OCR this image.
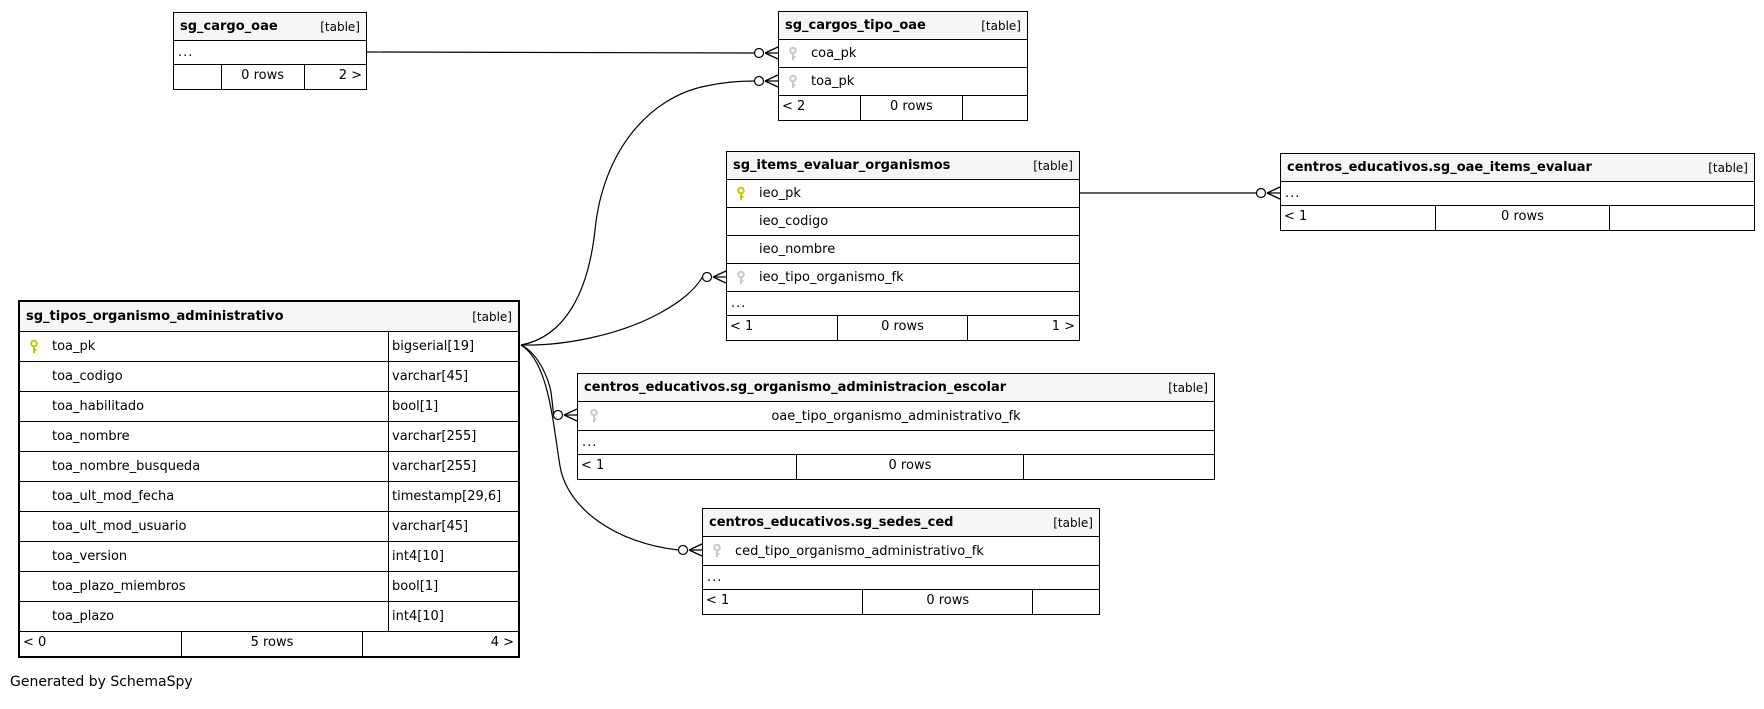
sg_cargo_oae	[table]
...
0 rows	2 >
sg_cargos_tipo_oae	[table]
coa_pk
toa_pk
< 2	0 rows
sg_items_evaluar_organismos	[table]
ieo_pk
ieo_codigo
ieo_nombre
ieo_tipo_organismo_fk
...
< 1	0 rows	1 >
centros_educativos.sg_oae_items_evaluar	[table]
...
< 1	0 rows
sg_tipos_organismo_administrativo	[table]
toa_pk	bigserial[19]
toa_codigo	varchar[45]
toa_habilitado	bool[1]
toa_nombre	varchar[255]
toa_nombre_busqueda	varchar[255]
toa_ult_mod_fecha	timestamp[29,6]
toa_ult_mod_usuario	varchar[45]
toa_version	int4[10]
toa_plazo_miembros	bool[1]
toa_plazo	int4[10]
< 0	5 rows	4 >
centros_educativos.sg_organismo_administracion_escolar	[table]
oae_tipo_organismo_administrativo_fk
...
< 1	0 rows
centros_educativos.sg_sedes_ced	[table]
ced_tipo_organismo_administrativo_fk
...
< 1	0 rows
Generated by SchemaSpy
